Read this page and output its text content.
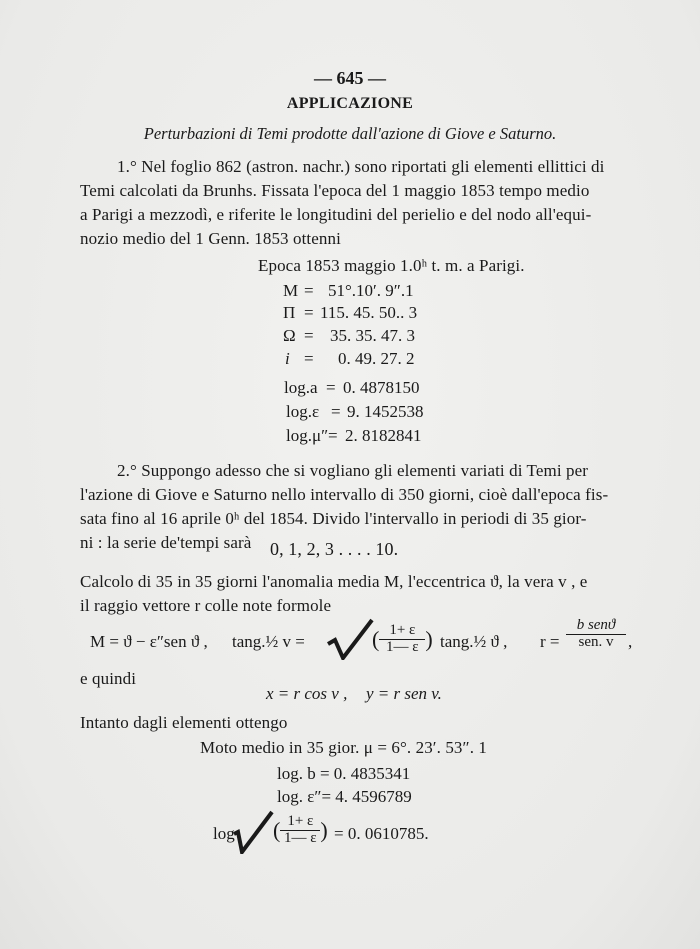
— 645 —
APPLICAZIONE
Perturbazioni di Temi prodotte dall'azione di Giove e Saturno.
1.° Nel foglio 862 (astron. nachr.) sono riportati gli elementi ellittici di
Temi calcolati da Brunhs. Fissata l'epoca del 1 maggio 1853 tempo medio
a Parigi a mezzodì, e riferite le longitudini del perielio e del nodo all'equi-
nozio medio del 1 Genn. 1853 ottenni
Epoca 1853 maggio 1.0ʰ t. m. a Parigi.
M = 51°.10′. 9″.1
Π = 115. 45. 50.. 3
Ω = 35. 35. 47. 3
i = 0. 49. 27. 2
log.a = 0. 4878150
log.ε = 9. 1452538
log.μ″ = 2. 8182841
2.° Suppongo adesso che si vogliano gli elementi variati di Temi per
l'azione di Giove e Saturno nello intervallo di 350 giorni, cioè dall'epoca fis-
sata fino al 16 aprile 0ʰ del 1854. Divido l'intervallo in periodi di 35 gior-
ni : la serie de'tempi sarà 0, 1, 2, 3 . . . . 10.
Calcolo di 35 in 35 giorni l'anomalia media M, l'eccentrica ϑ, la vera v , e
il raggio vettore r colle note formole
M = ϑ − ε″sen ϑ , tang.½ v =	( $\frac{1+ \varepsilon}{1— \varepsilon}$ ) tang.½ ϑ , $r = \frac{\text{b senϑ}}{\text{sen. v}}$ ,
e quindi
x = r cos v , y = r sen v.
Intanto dagli elementi ottengo
Moto medio in 35 gior. μ = 6°. 23′. 53″. 1
log. b = 0. 4835341
log. ε″= 4. 4596789
log ( $\frac{1+ \varepsilon}{1— \varepsilon}$ ) = 0. 0610785.
